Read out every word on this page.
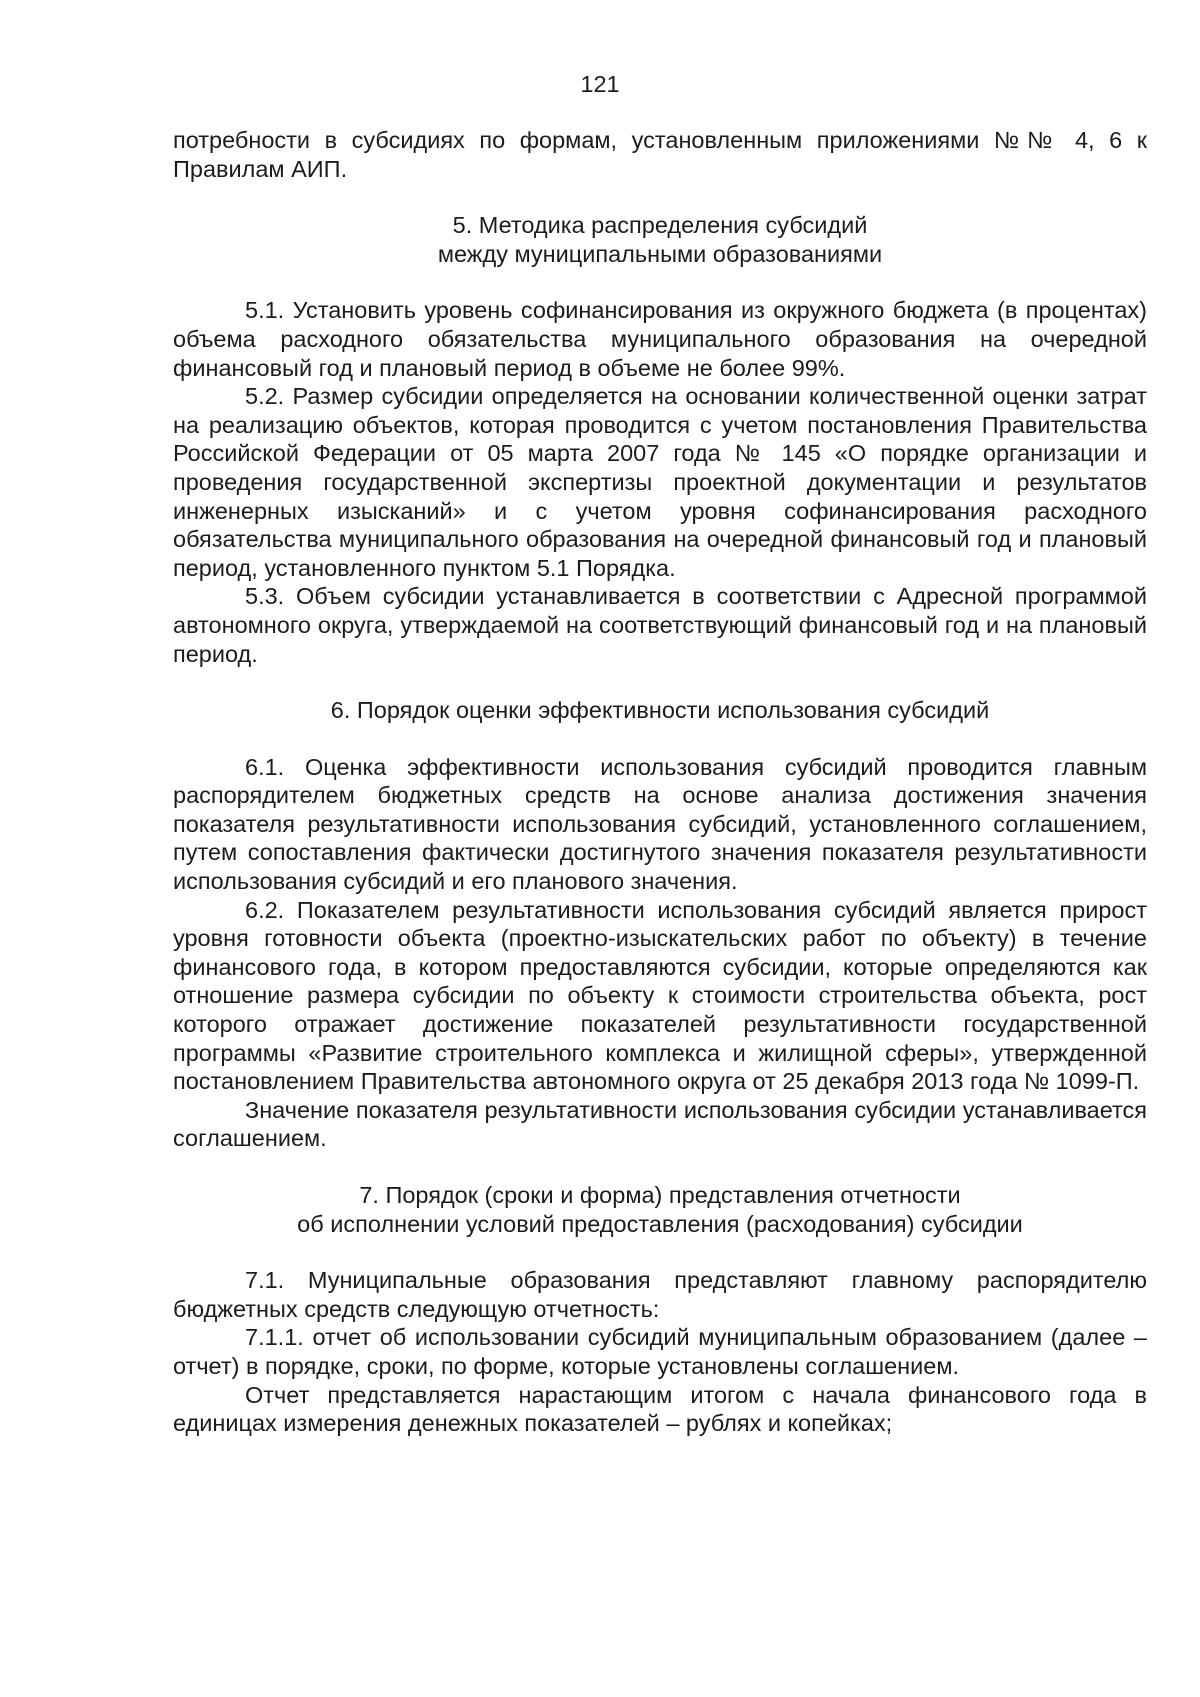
121

потребности в субсидиях по формам, установленным приложениями №№ 4, 6 к Правилам АИП.

5. Методика распределения субсидий
между муниципальными образованиями

5.1. Установить уровень софинансирования из окружного бюджета (в процентах) объема расходного обязательства муниципального образования на очередной финансовый год и плановый период в объеме не более 99%.

5.2. Размер субсидии определяется на основании количественной оценки затрат на реализацию объектов, которая проводится с учетом постановления Правительства Российской Федерации от 05 марта 2007 года № 145 «О порядке организации и проведения государственной экспертизы проектной документации и результатов инженерных изысканий» и с учетом уровня софинансирования расходного обязательства муниципального образования на очередной финансовый год и плановый период, установленного пунктом 5.1 Порядка.

5.3. Объем субсидии устанавливается в соответствии с Адресной программой автономного округа, утверждаемой на соответствующий финансовый год и на плановый период.

6. Порядок оценки эффективности использования субсидий

6.1. Оценка эффективности использования субсидий проводится главным распорядителем бюджетных средств на основе анализа достижения значения показателя результативности использования субсидий, установленного соглашением, путем сопоставления фактически достигнутого значения показателя результативности использования субсидий и его планового значения.

6.2. Показателем результативности использования субсидий является прирост уровня готовности объекта (проектно-изыскательских работ по объекту) в течение финансового года, в котором предоставляются субсидии, которые определяются как отношение размера субсидии по объекту к стоимости строительства объекта, рост которого отражает достижение показателей результативности государственной программы «Развитие строительного комплекса и жилищной сферы», утвержденной постановлением Правительства автономного округа от 25 декабря 2013 года № 1099-П.

Значение показателя результативности использования субсидии устанавливается соглашением.

7. Порядок (сроки и форма) представления отчетности
об исполнении условий предоставления (расходования) субсидии

7.1. Муниципальные образования представляют главному распорядителю бюджетных средств следующую отчетность:

7.1.1. отчет об использовании субсидий муниципальным образованием (далее – отчет) в порядке, сроки, по форме, которые установлены соглашением.

Отчет представляется нарастающим итогом с начала финансового года в единицах измерения денежных показателей – рублях и копейках;
